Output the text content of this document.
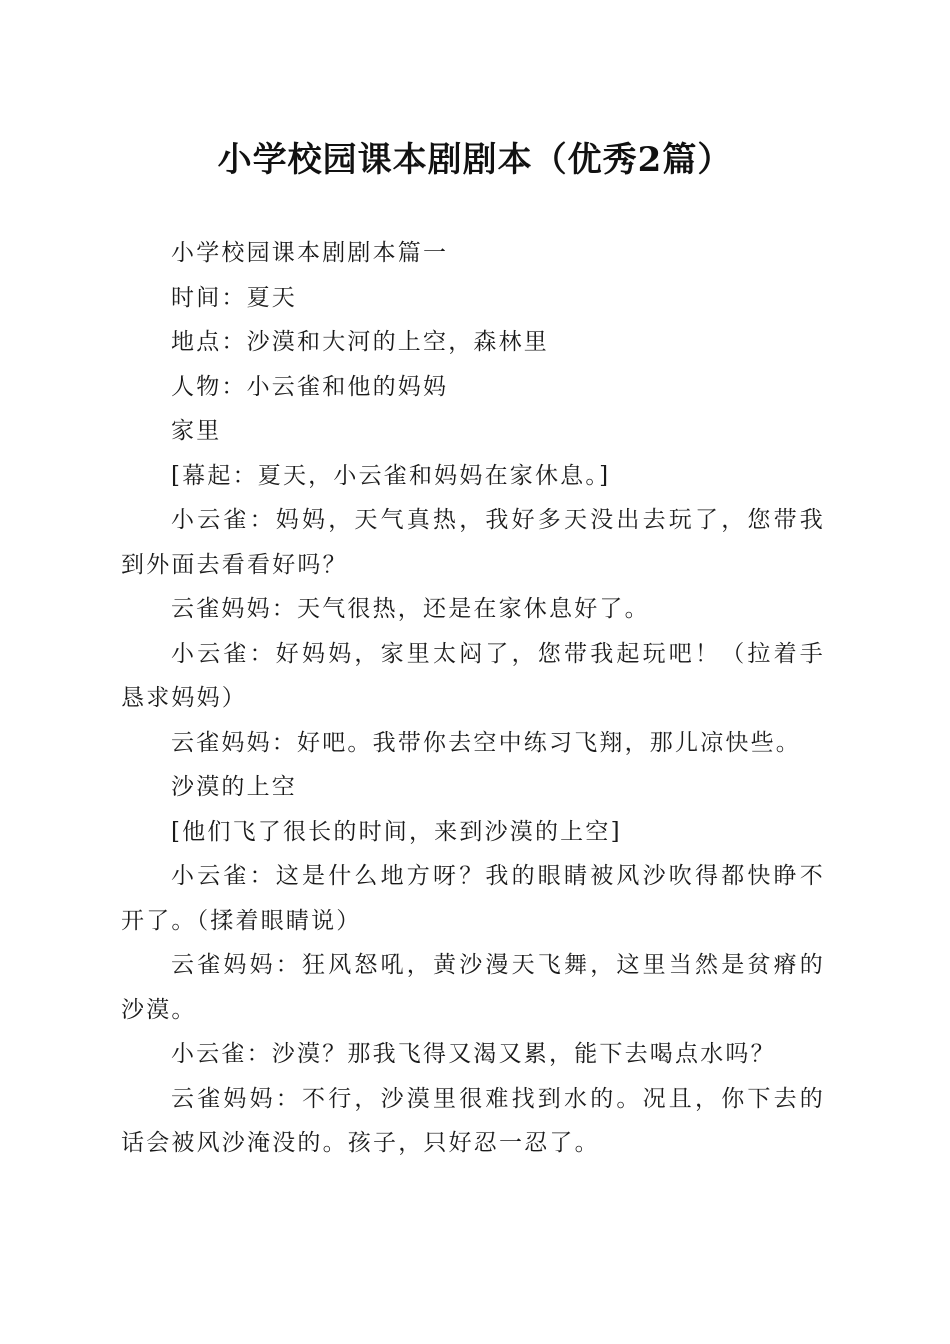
小学校园课本剧剧本（优秀2篇）

小学校园课本剧剧本篇一

时间：夏天

地点：沙漠和大河的上空，森林里

人物：小云雀和他的妈妈

家里

[幕起：夏天，小云雀和妈妈在家休息。]

小云雀：妈妈，天气真热，我好多天没出去玩了，您带我到外面去看看好吗？

云雀妈妈：天气很热，还是在家休息好了。

小云雀：好妈妈，家里太闷了，您带我起玩吧！（拉着手恳求妈妈）

云雀妈妈：好吧。我带你去空中练习飞翔，那儿凉快些。

沙漠的上空

[他们飞了很长的时间，来到沙漠的上空]

小云雀：这是什么地方呀？我的眼睛被风沙吹得都快睁不开了。（揉着眼睛说）

云雀妈妈：狂风怒吼，黄沙漫天飞舞，这里当然是贫瘠的沙漠。

小云雀：沙漠？那我飞得又渴又累，能下去喝点水吗？

云雀妈妈：不行，沙漠里很难找到水的。况且，你下去的话会被风沙淹没的。孩子，只好忍一忍了。
